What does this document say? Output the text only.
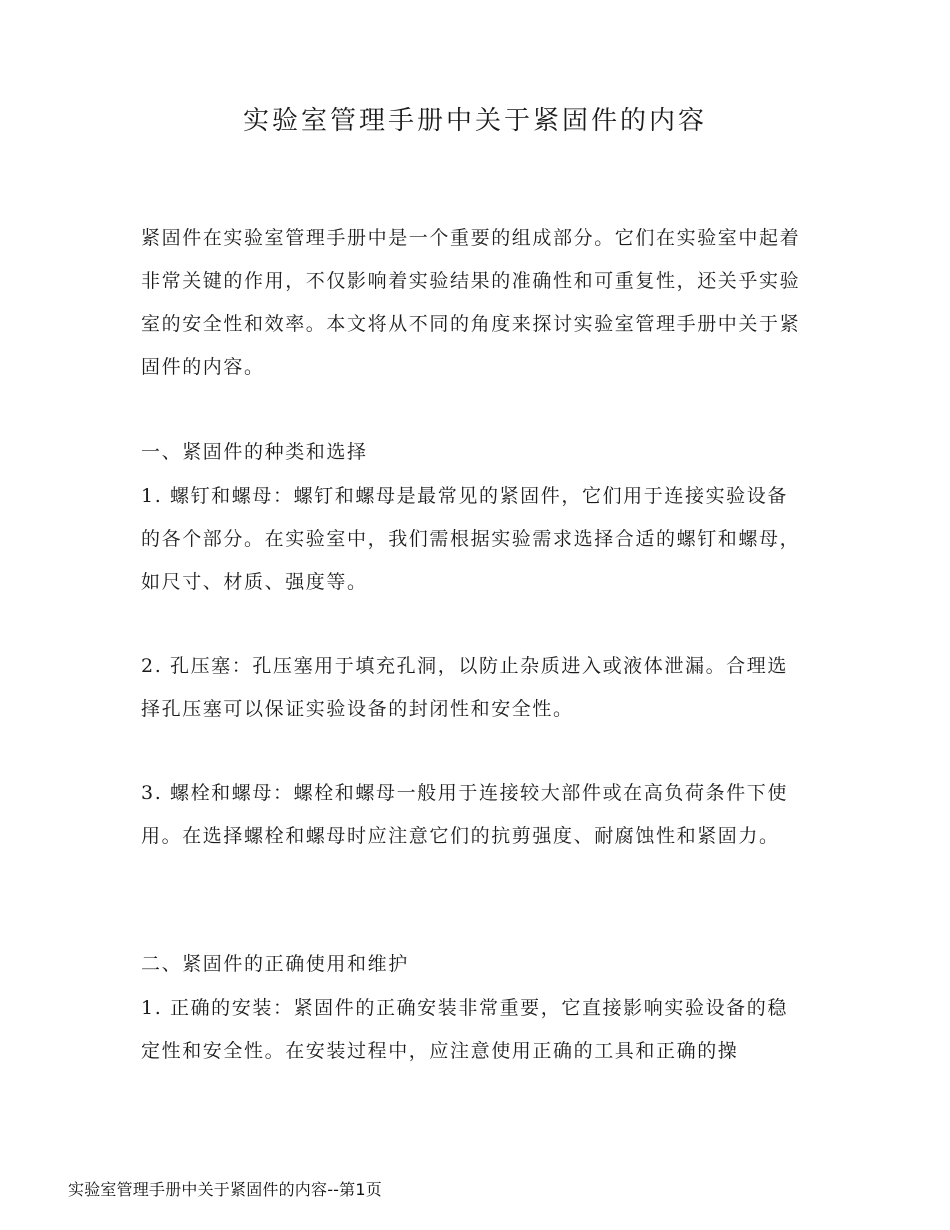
实验室管理手册中关于紧固件的内容

紧固件在实验室管理手册中是一个重要的组成部分。它们在实验室中起着非常关键的作用，不仅影响着实验结果的准确性和可重复性，还关乎实验室的安全性和效率。本文将从不同的角度来探讨实验室管理手册中关于紧固件的内容。

一、紧固件的种类和选择

1. 螺钉和螺母：螺钉和螺母是最常见的紧固件，它们用于连接实验设备的各个部分。在实验室中，我们需根据实验需求选择合适的螺钉和螺母，如尺寸、材质、强度等。

2. 孔压塞：孔压塞用于填充孔洞，以防止杂质进入或液体泄漏。合理选择孔压塞可以保证实验设备的封闭性和安全性。

3. 螺栓和螺母：螺栓和螺母一般用于连接较大部件或在高负荷条件下使用。在选择螺栓和螺母时应注意它们的抗剪强度、耐腐蚀性和紧固力。

二、紧固件的正确使用和维护

1. 正确的安装：紧固件的正确安装非常重要，它直接影响实验设备的稳定性和安全性。在安装过程中，应注意使用正确的工具和正确的操

实验室管理手册中关于紧固件的内容--第1页
